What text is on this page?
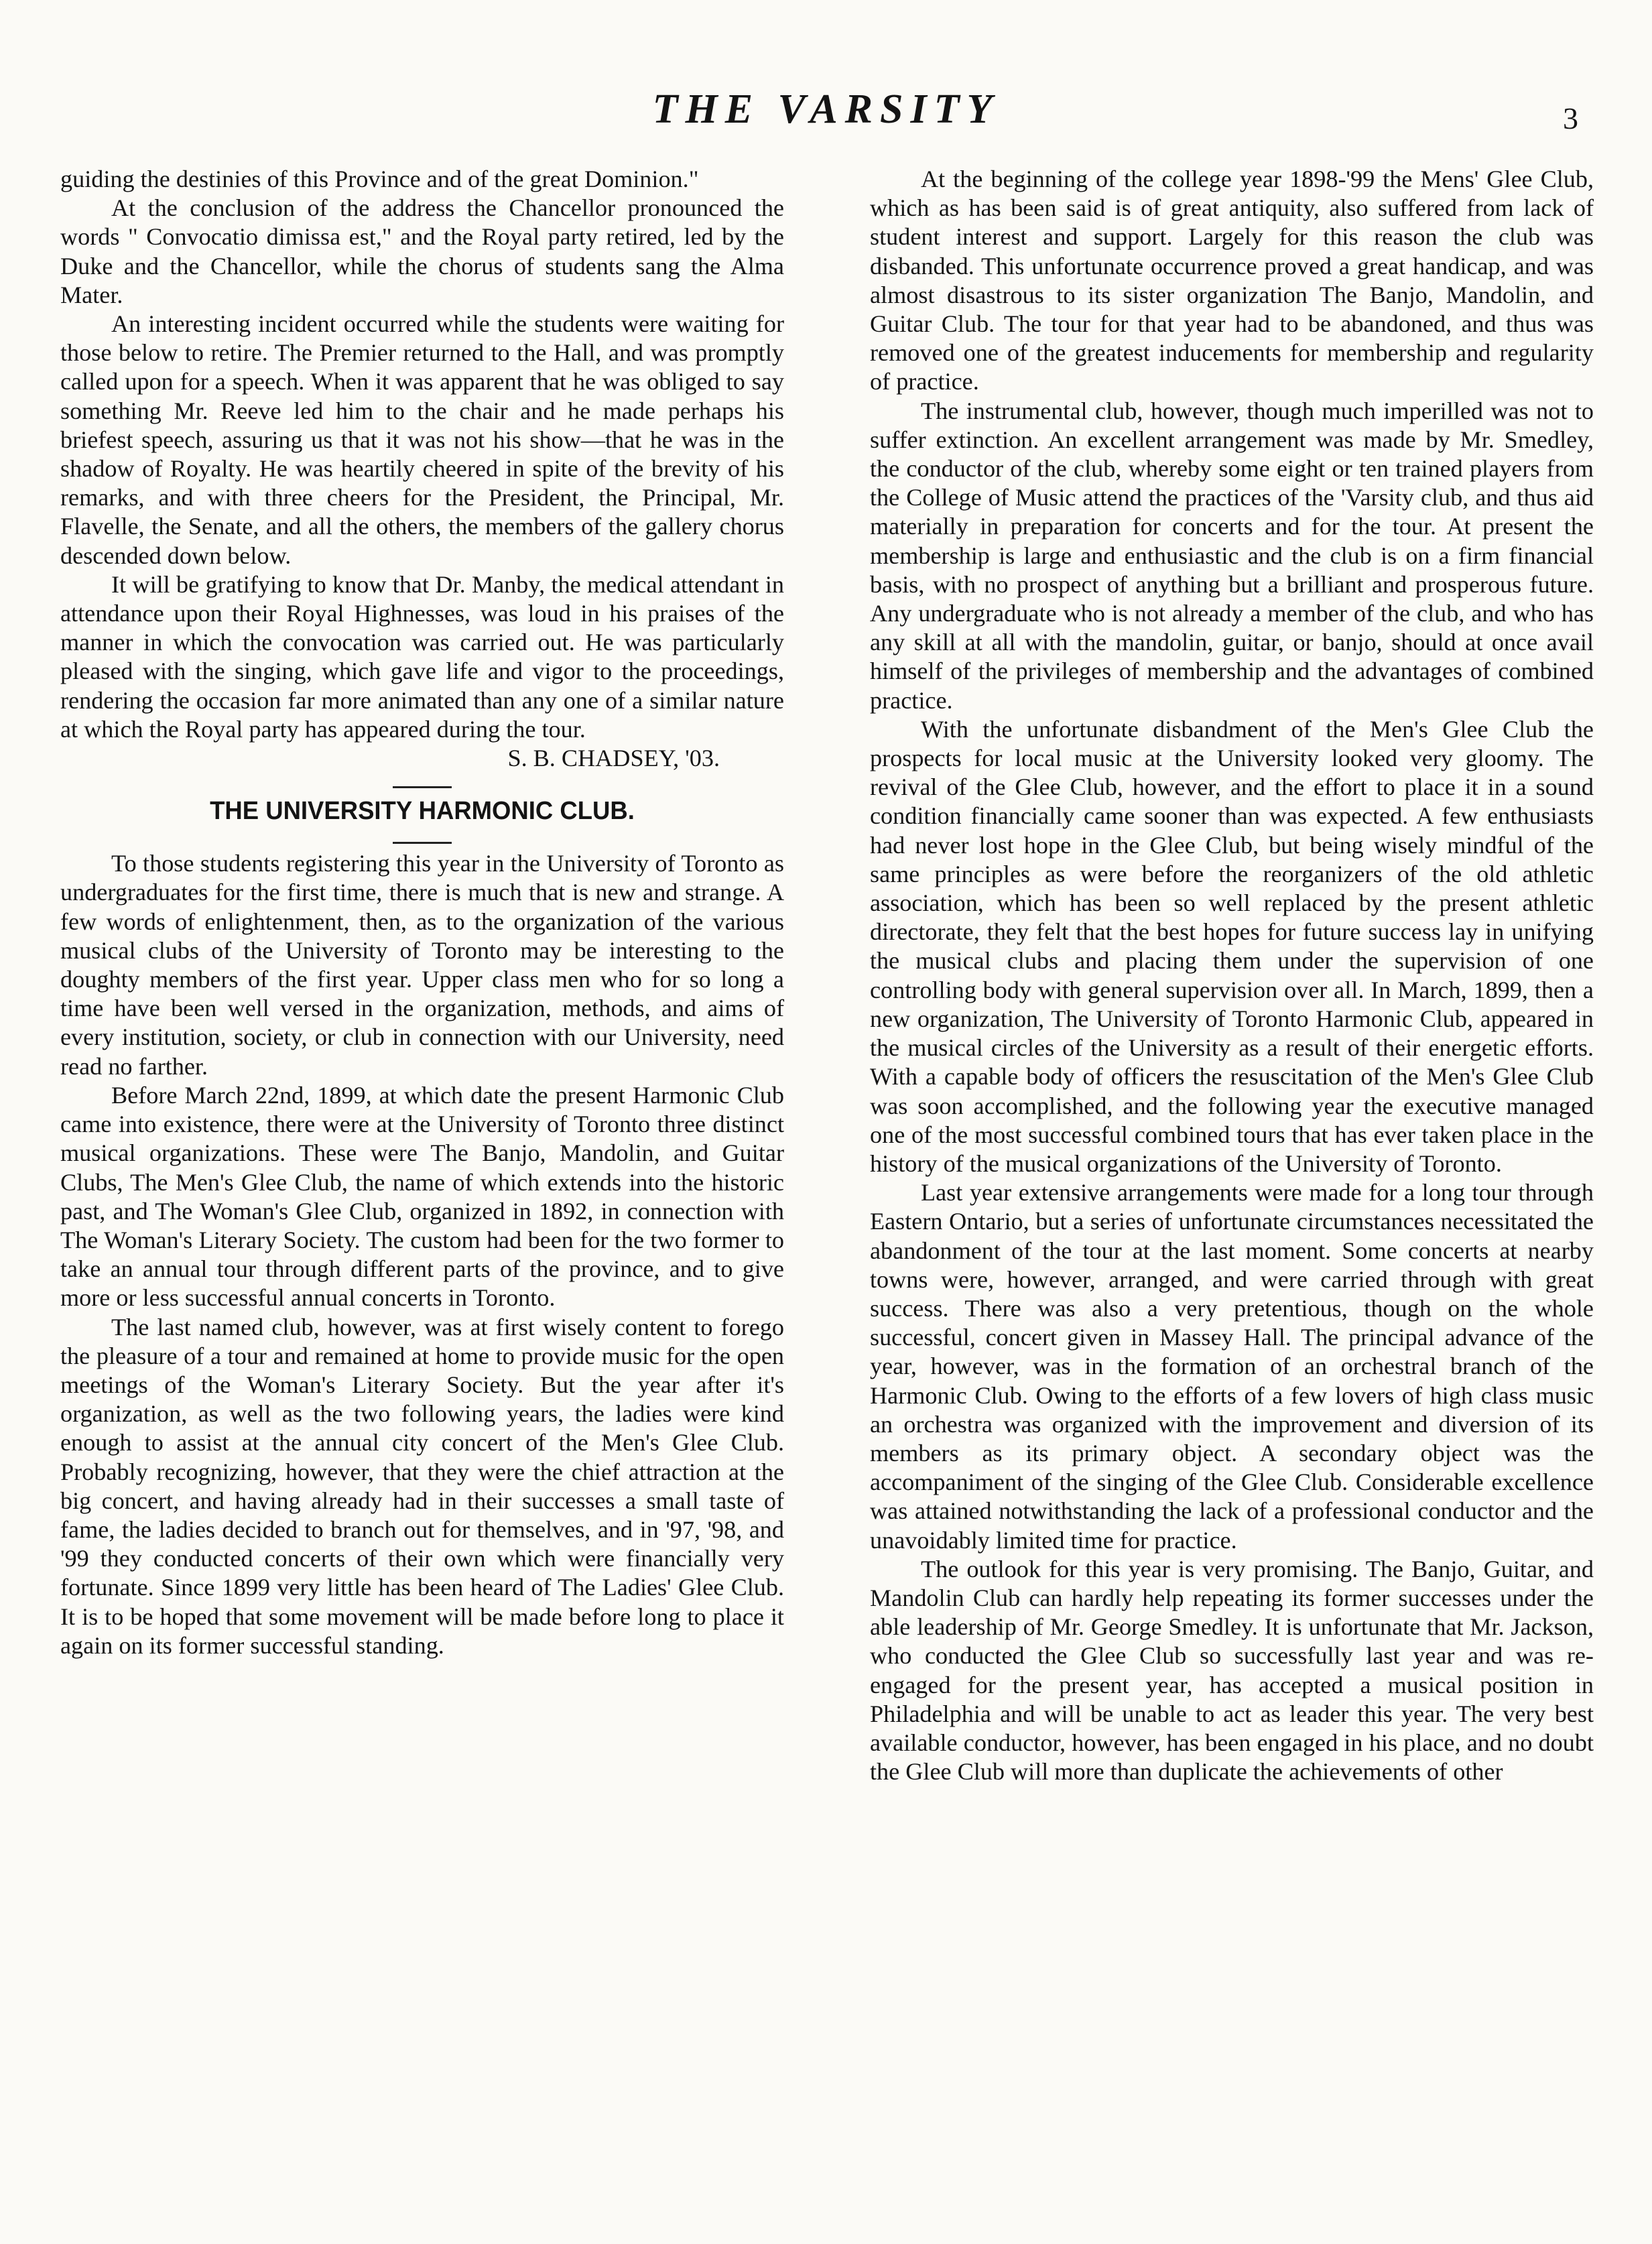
THE VARSITY	3

guiding the destinies of this Province and of the great Dominion."

At the conclusion of the address the Chancellor pronounced the words " Convocatio dimissa est," and the Royal party retired, led by the Duke and the Chancellor, while the chorus of students sang the Alma Mater.

An interesting incident occurred while the students were waiting for those below to retire. The Premier returned to the Hall, and was promptly called upon for a speech. When it was apparent that he was obliged to say something Mr. Reeve led him to the chair and he made perhaps his briefest speech, assuring us that it was not his show—that he was in the shadow of Royalty. He was heartily cheered in spite of the brevity of his remarks, and with three cheers for the President, the Principal, Mr. Flavelle, the Senate, and all the others, the members of the gallery chorus descended down below.

It will be gratifying to know that Dr. Manby, the medical attendant in attendance upon their Royal Highnesses, was loud in his praises of the manner in which the convocation was carried out. He was particularly pleased with the singing, which gave life and vigor to the proceedings, rendering the occasion far more animated than any one of a similar nature at which the Royal party has appeared during the tour.

S. B. CHADSEY, '03.

THE UNIVERSITY HARMONIC CLUB.

To those students registering this year in the University of Toronto as undergraduates for the first time, there is much that is new and strange. A few words of enlightenment, then, as to the organization of the various musical clubs of the University of Toronto may be interesting to the doughty members of the first year. Upper class men who for so long a time have been well versed in the organization, methods, and aims of every institution, society, or club in connection with our University, need read no farther.

Before March 22nd, 1899, at which date the present Harmonic Club came into existence, there were at the University of Toronto three distinct musical organizations. These were The Banjo, Mandolin, and Guitar Clubs, The Men's Glee Club, the name of which extends into the historic past, and The Woman's Glee Club, organized in 1892, in connection with The Woman's Literary Society. The custom had been for the two former to take an annual tour through different parts of the province, and to give more or less successful annual concerts in Toronto.

The last named club, however, was at first wisely content to forego the pleasure of a tour and remained at home to provide music for the open meetings of the Woman's Literary Society. But the year after it's organization, as well as the two following years, the ladies were kind enough to assist at the annual city concert of the Men's Glee Club. Probably recognizing, however, that they were the chief attraction at the big concert, and having already had in their successes a small taste of fame, the ladies decided to branch out for themselves, and in '97, '98, and '99 they conducted concerts of their own which were financially very fortunate. Since 1899 very little has been heard of The Ladies' Glee Club. It is to be hoped that some movement will be made before long to place it again on its former successful standing.

At the beginning of the college year 1898-'99 the Mens' Glee Club, which as has been said is of great antiquity, also suffered from lack of student interest and support. Largely for this reason the club was disbanded. This unfortunate occurrence proved a great handicap, and was almost disastrous to its sister organization The Banjo, Mandolin, and Guitar Club. The tour for that year had to be abandoned, and thus was removed one of the greatest inducements for membership and regularity of practice.

The instrumental club, however, though much imperilled was not to suffer extinction. An excellent arrangement was made by Mr. Smedley, the conductor of the club, whereby some eight or ten trained players from the College of Music attend the practices of the 'Varsity club, and thus aid materially in preparation for concerts and for the tour. At present the membership is large and enthusiastic and the club is on a firm financial basis, with no prospect of anything but a brilliant and prosperous future. Any undergraduate who is not already a member of the club, and who has any skill at all with the mandolin, guitar, or banjo, should at once avail himself of the privileges of membership and the advantages of combined practice.

With the unfortunate disbandment of the Men's Glee Club the prospects for local music at the University looked very gloomy. The revival of the Glee Club, however, and the effort to place it in a sound condition financially came sooner than was expected. A few enthusiasts had never lost hope in the Glee Club, but being wisely mindful of the same principles as were before the reorganizers of the old athletic association, which has been so well replaced by the present athletic directorate, they felt that the best hopes for future success lay in unifying the musical clubs and placing them under the supervision of one controlling body with general supervision over all. In March, 1899, then a new organization, The University of Toronto Harmonic Club, appeared in the musical circles of the University as a result of their energetic efforts. With a capable body of officers the resuscitation of the Men's Glee Club was soon accomplished, and the following year the executive managed one of the most successful combined tours that has ever taken place in the history of the musical organizations of the University of Toronto.

Last year extensive arrangements were made for a long tour through Eastern Ontario, but a series of unfortunate circumstances necessitated the abandonment of the tour at the last moment. Some concerts at nearby towns were, however, arranged, and were carried through with great success. There was also a very pretentious, though on the whole successful, concert given in Massey Hall. The principal advance of the year, however, was in the formation of an orchestral branch of the Harmonic Club. Owing to the efforts of a few lovers of high class music an orchestra was organized with the improvement and diversion of its members as its primary object. A secondary object was the accompaniment of the singing of the Glee Club. Considerable excellence was attained notwithstanding the lack of a professional conductor and the unavoidably limited time for practice.

The outlook for this year is very promising. The Banjo, Guitar, and Mandolin Club can hardly help repeating its former successes under the able leadership of Mr. George Smedley. It is unfortunate that Mr. Jackson, who conducted the Glee Club so successfully last year and was re-engaged for the present year, has accepted a musical position in Philadelphia and will be unable to act as leader this year. The very best available conductor, however, has been engaged in his place, and no doubt the Glee Club will more than duplicate the achievements of other
